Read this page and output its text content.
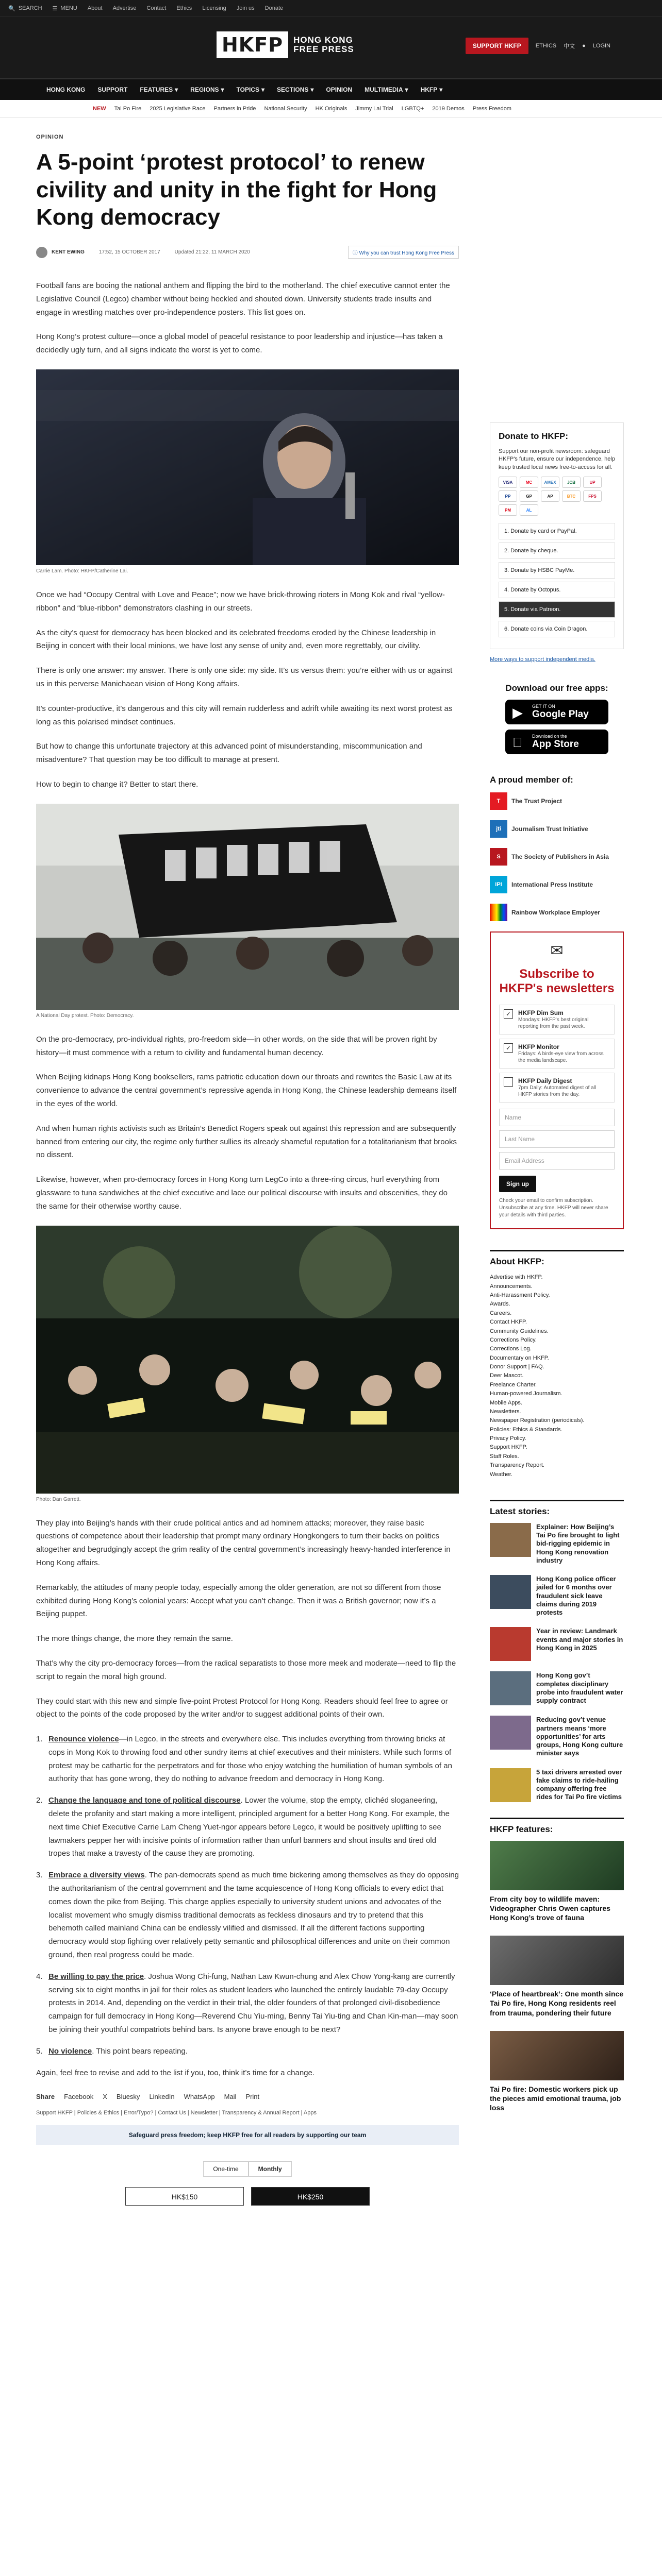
🔍 SEARCH ☰ MENU About Advertise Contact Ethics Licensing Join us Donate
HKFP	HONG KONG
FREE PRESS	SUPPORT HKFP	ETHICS 中文 ● LOGIN
HONG KONG SUPPORT FEATURES ▾ REGIONS ▾ TOPICS ▾ SECTIONS ▾ OPINION MULTIMEDIA ▾ HKFP ▾
NEW Tai Po Fire 2025 Legislative Race Partners in Pride National Security HK Originals Jimmy Lai Trial LGBTQ+ 2019 Demos Press Freedom
OPINION
A 5-point ‘protest protocol’ to renew civility and unity in the fight for Hong Kong democracy
KENT EWING	17:52, 15 OCTOBER 2017	Updated 21:22, 11 MARCH 2020	ⓘ Why you can trust Hong Kong Free Press

Football fans are booing the national anthem and flipping the bird to the motherland. The chief executive cannot enter the Legislative Council (Legco) chamber without being heckled and shouted down. University students trade insults and engage in wrestling matches over pro-independence posters. This list goes on.

Hong Kong’s protest culture—once a global model of peaceful resistance to poor leadership and injustice—has taken a decidedly ugly turn, and all signs indicate the worst is yet to come.

Carrie Lam. Photo: HKFP/Catherine Lai.

Once we had “Occupy Central with Love and Peace”; now we have brick-throwing rioters in Mong Kok and rival “yellow-ribbon” and “blue-ribbon” demonstrators clashing in our streets.

As the city’s quest for democracy has been blocked and its celebrated freedoms eroded by the Chinese leadership in Beijing in concert with their local minions, we have lost any sense of unity and, even more regrettably, our civility.

There is only one answer: my answer. There is only one side: my side. It’s us versus them: you’re either with us or against us in this perverse Manichaean vision of Hong Kong affairs.

It’s counter-productive, it’s dangerous and this city will remain rudderless and adrift while awaiting its next worst protest as long as this polarised mindset continues.

But how to change this unfortunate trajectory at this advanced point of misunderstanding, miscommunication and misadventure? That question may be too difficult to manage at present.

How to begin to change it? Better to start there.

A National Day protest. Photo: Democracy.

On the pro-democracy, pro-individual rights, pro-freedom side—in other words, on the side that will be proven right by history—it must commence with a return to civility and fundamental human decency.

When Beijing kidnaps Hong Kong booksellers, rams patriotic education down our throats and rewrites the Basic Law at its convenience to advance the central government’s repressive agenda in Hong Kong, the Chinese leadership demeans itself in the eyes of the world.

And when human rights activists such as Britain’s Benedict Rogers speak out against this repression and are subsequently banned from entering our city, the regime only further sullies its already shameful reputation for a totalitarianism that brooks no dissent.

Likewise, however, when pro-democracy forces in Hong Kong turn LegCo into a three-ring circus, hurl everything from glassware to tuna sandwiches at the chief executive and lace our political discourse with insults and obscenities, they do the same for their otherwise worthy cause.

Photo: Dan Garrett.

They play into Beijing’s hands with their crude political antics and ad hominem attacks; moreover, they raise basic questions of competence about their leadership that prompt many ordinary Hongkongers to turn their backs on politics altogether and begrudgingly accept the grim reality of the central government’s increasingly heavy-handed interference in Hong Kong affairs.

Remarkably, the attitudes of many people today, especially among the older generation, are not so different from those exhibited during Hong Kong’s colonial years: Accept what you can’t change. Then it was a British governor; now it’s a Beijing puppet.

The more things change, the more they remain the same.

That’s why the city pro-democracy forces—from the radical separatists to those more meek and moderate—need to flip the script to regain the moral high ground.

They could start with this new and simple five-point Protest Protocol for Hong Kong. Readers should feel free to agree or object to the points of the code proposed by the writer and/or to suggest additional points of their own.

1. Renounce violence—in Legco, in the streets and everywhere else. This includes everything from throwing bricks at cops in Mong Kok to throwing food and other sundry items at chief executives and their ministers. While such forms of protest may be cathartic for the perpetrators and for those who enjoy watching the humiliation of human symbols of an authority that has gone wrong, they do nothing to advance freedom and democracy in Hong Kong.
2. Change the language and tone of political discourse. Lower the volume, stop the empty, clichéd sloganeering, delete the profanity and start making a more intelligent, principled argument for a better Hong Kong. For example, the next time Chief Executive Carrie Lam Cheng Yuet-ngor appears before Legco, it would be positively uplifting to see lawmakers pepper her with incisive points of information rather than unfurl banners and shout insults and tired old tropes that make a travesty of the cause they are promoting.
3. Embrace a diversity views. The pan-democrats spend as much time bickering among themselves as they do opposing the authoritarianism of the central government and the tame acquiescence of Hong Kong officials to every edict that comes down the pike from Beijing. This charge applies especially to university student unions and advocates of the localist movement who smugly dismiss traditional democrats as feckless dinosaurs and try to pretend that this behemoth called mainland China can be endlessly vilified and dismissed. If all the different factions supporting democracy would stop fighting over relatively petty semantic and philosophical differences and unite on their common ground, then real progress could be made.
4. Be willing to pay the price. Joshua Wong Chi-fung, Nathan Law Kwun-chung and Alex Chow Yong-kang are currently serving six to eight months in jail for their roles as student leaders who launched the entirely laudable 79-day Occupy protests in 2014. And, depending on the verdict in their trial, the older founders of that prolonged civil-disobedience campaign for full democracy in Hong Kong—Reverend Chu Yiu-ming, Benny Tai Yiu-ting and Chan Kin-man—may soon be joining their youthful compatriots behind bars. Is anyone brave enough to be next?
5. No violence. This point bears repeating.

Again, feel free to revise and add to the list if you, too, think it’s time for a change.

Share Facebook X Bluesky LinkedIn WhatsApp Mail Print
Support HKFP | Policies & Ethics | Error/Typo? | Contact Us | Newsletter | Transparency & Annual Report | Apps
Safeguard press freedom; keep HKFP free for all readers by supporting our team
One-time	Monthly
HK$150	HK$250
Donate to HKFP:
Support our non-profit newsroom: safeguard HKFP's future, ensure our independence, help keep trusted local news free-to-access for all.
VISA	MC	AMEX	JCB	UP
PP	GP	AP	BTC	FPS
PM	AL
1. Donate by card or PayPal.
2. Donate by cheque.
3. Donate by HSBC PayMe.
4. Donate by Octopus.
5. Donate via Patreon.
6. Donate coins via Coin Dragon.
More ways to support independent media.
Download our free apps:
▶ GET IT ON
Google Play
Download on the
App Store
A proud member of:
T	The Trust Project
jti	Journalism Trust Initiative
S	The Society of Publishers in Asia
IPI	International Press Institute
Rainbow Workplace Employer
✉
Subscribe to HKFP's newsletters
✓	HKFP Dim Sum
Mondays: HKFP's best original reporting from the past week.
✓	HKFP Monitor
Fridays: A birds-eye view from across the media landscape.
HKFP Daily Digest
7pm Daily: Automated digest of all HKFP stories from the day.
Name
Last Name
Email Address
Sign up
Check your email to confirm subscription. Unsubscribe at any time. HKFP will never share your details with third parties.
About HKFP:
Advertise with HKFP.
Announcements.
Anti-Harassment Policy.
Awards.
Careers.
Contact HKFP.
Community Guidelines.
Corrections Policy.
Corrections Log.
Documentary on HKFP.
Donor Support | FAQ.
Deer Mascot.
Freelance Charter.
Human-powered Journalism.
Mobile Apps.
Newsletters.
Newspaper Registration (periodicals).
Policies: Ethics & Standards.
Privacy Policy.
Support HKFP.
Staff Roles.
Transparency Report.
Weather.
Latest stories:
Explainer: How Beijing’s Tai Po fire brought to light bid-rigging epidemic in Hong Kong renovation industry
Hong Kong police officer jailed for 6 months over fraudulent sick leave claims during 2019 protests
Year in review: Landmark events and major stories in Hong Kong in 2025
Hong Kong gov’t completes disciplinary probe into fraudulent water supply contract
Reducing gov’t venue partners means ‘more opportunities’ for arts groups, Hong Kong culture minister says
5 taxi drivers arrested over fake claims to ride-hailing company offering free rides for Tai Po fire victims
HKFP features:
From city boy to wildlife maven: Videographer Chris Owen captures Hong Kong’s trove of fauna
‘Place of heartbreak’: One month since Tai Po fire, Hong Kong residents reel from trauma, pondering their future
Tai Po fire: Domestic workers pick up the pieces amid emotional trauma, job loss
